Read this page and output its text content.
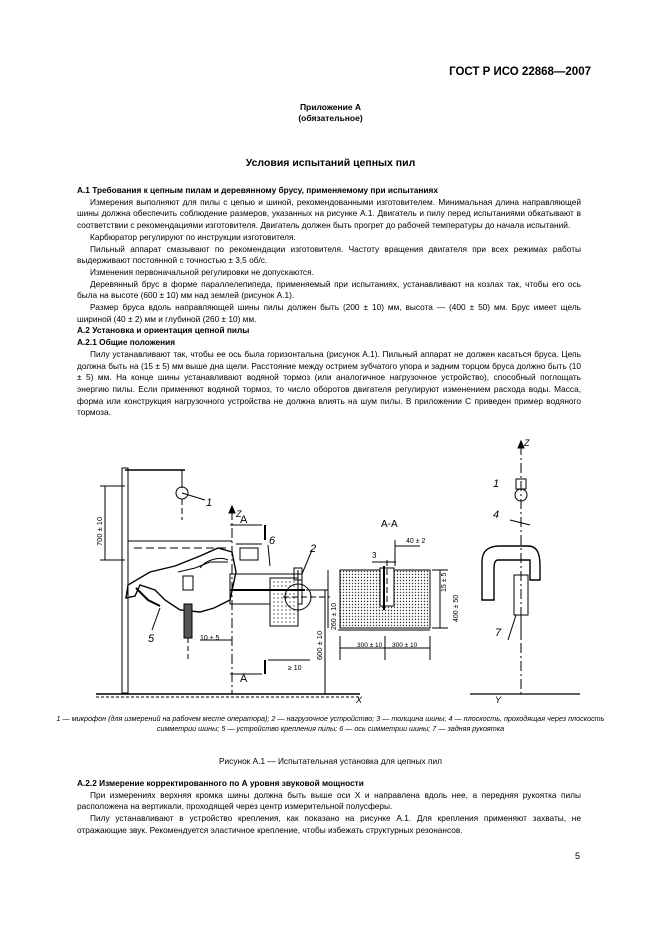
ГОСТ Р ИСО 22868—2007
Приложение А
(обязательное)
Условия испытаний цепных пил
А.1 Требования к цепным пилам и деревянному брусу, применяемому при испытаниях

Измерения выполняют для пилы с цепью и шиной, рекомендованными изготовителем. Минимальная длина направляющей шины должна обеспечить соблюдение размеров, указанных на рисунке А.1. Двигатель и пилу перед испытаниями обкатывают в соответствии с рекомендациями изготовителя. Двигатель должен быть прогрет до рабочей температуры до начала испытаний.

Карбюратор регулируют по инструкции изготовителя.

Пильный аппарат смазывают по рекомендации изготовителя. Частоту вращения двигателя при всех режимах работы выдерживают постоянной с точностью ± 3,5 об/с.

Изменения первоначальной регулировки не допускаются.

Деревянный брус в форме параллелепипеда, применяемый при испытаниях, устанавливают на козлах так, чтобы его ось была на высоте (600 ± 10) мм над землей (рисунок А.1).

Размер бруса вдоль направляющей шины пилы должен быть (200 ± 10) мм, высота — (400 ± 50) мм. Брус имеет щель шириной (40 ± 2) мм и глубиной (260 ± 10) мм.

А.2 Установка и ориентация цепной пилы
А.2.1 Общие положения

Пилу устанавливают так, чтобы ее ось была горизонтальна (рисунок А.1). Пильный аппарат не должен касаться бруса. Цепь должна быть на (15 ± 5) мм выше дна щели. Расстояние между острием зубчатого упора и задним торцом бруса должно быть (10 ± 5) мм. На конце шины устанавливают водяной тормоз (или аналогичное нагрузочное устройство), способный поглощать энергию пилы. Если применяют водяной тормоз, то число оборотов двигателя регулируют изменением расхода воды. Масса, форма или конструкция нагрузочного устройства не должна влиять на шум пилы. В приложении С приведен пример водяного тормоза.

1
2
6
5
1
4
7
Z
Z
X	Y
A
A
А-А
40 ± 2
3
300 ± 10 300 ± 10
10 ± 5
≥ 10
700 ± 10
600 ± 10
260 ± 10
15 ± 5
400 ± 50
1 — микрофон (для измерений на рабочем месте оператора); 2 — нагрузочное устройство; 3 — толщина шины; 4 — плоскость, проходящая через плоскость симметрии шины; 5 — устройство крепления пилы; 6 — ось симметрии шины; 7 — задняя рукоятка
Рисунок А.1 — Испытательная установка для цепных пил
А.2.2 Измерение корректированного по А уровня звуковой мощности

При измерениях верхняя кромка шины должна быть выше оси X и направлена вдоль нее, а передняя рукоятка пилы расположена на вертикали, проходящей через центр измерительной полусферы.

Пилу устанавливают в устройство крепления, как показано на рисунке А.1. Для крепления применяют захваты, не отражающие звук. Рекомендуется эластичное крепление, чтобы избежать структурных резонансов.

5
